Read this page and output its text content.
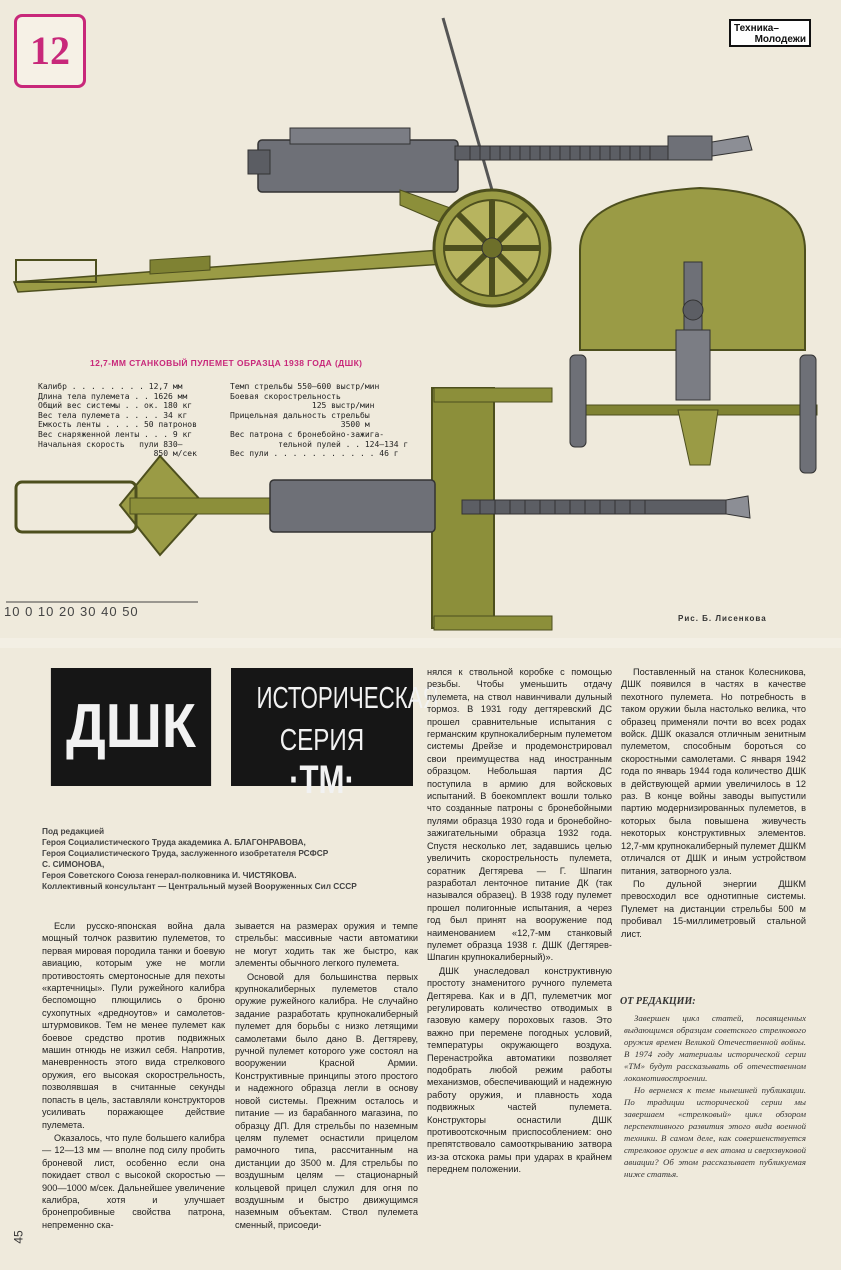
12	Техника–
Молодежи
12,7-ММ СТАНКОВЫЙ ПУЛЕМЕТ ОБРАЗЦА 1938 ГОДА (ДШК)
Калибр . . . . . . . . 12,7 мм
Длина тела пулемета . . 1626 мм
Общий вес системы . . ок. 180 кг
Вес тела пулемета . . . . 34 кг
Емкость ленты . . . . 50 патронов
Вес снаряженной ленты . . . 9 кг
Начальная скорость   пули 830—
850 м/сек
Темп стрельбы 550—600 выстр/мин
Боевая скорострельность
125 выстр/мин
Прицельная дальность стрельбы
3500 м
Вес патрона с бронебойно-зажига-
тельной пулей . . 124—134 г
Вес пули . . . . . . . . . . . 46 г
10 0 10 20 30 40 50	Рис. Б. Лисенкова
ДШК	ИСТОРИЧЕСКАЯ
СЕРИЯ ·ТМ·
Под редакцией
Героя Социалистического Труда академика А. БЛАГОНРАВОВА,
Героя Социалистического Труда, заслуженного изобретателя РСФСР
С. СИМОНОВА,
Героя Советского Союза генерал-полковника И. ЧИСТЯКОВА.
Коллективный консультант — Центральный музей Вооруженных Сил СССР

Если русско-японская война дала мощный толчок развитию пулеметов, то первая мировая породила танки и боевую авиацию, которым уже не могли противостоять смертоносные для пехоты «картечницы». Пули ружейного калибра беспомощно плющились о броню сухопутных «дредноутов» и самолетов-штурмовиков. Тем не менее пулемет как боевое средство против подвижных машин отнюдь не изжил себя. Напротив, маневренность этого вида стрелкового оружия, его высокая скорострельность, позволявшая в считанные секунды попасть в цель, заставляли конструкторов усиливать поражающее действие пулемета.

Оказалось, что пуле большего калибра — 12—13 мм — вполне под силу пробить броневой лист, особенно если она покидает ствол с высокой скоростью — 900—1000 м/сек. Дальнейшее увеличение калибра, хотя и улучшает бронепробивные свойства патрона, непременно ска-

зывается на размерах оружия и темпе стрельбы: массивные части автоматики не могут ходить так же быстро, как элементы обычного легкого пулемета.

Основой для большинства первых крупнокалиберных пулеметов стало оружие ружейного калибра. Не случайно задание разработать крупнокалиберный пулемет для борьбы с низко летящими самолетами было дано В. Дегтяреву, ручной пулемет которого уже состоял на вооружении Красной Армии. Конструктивные принципы этого простого и надежного образца легли в основу новой системы. Прежним осталось и питание — из барабанного магазина, по образцу ДП. Для стрельбы по наземным целям пулемет оснастили прицелом рамочного типа, рассчитанным на дистанции до 3500 м. Для стрельбы по воздушным целям — стационарный кольцевой прицел служил для огня по воздушным и быстро движущимся наземным объектам. Ствол пулемета сменный, присоеди-

нялся к ствольной коробке с помощью резьбы. Чтобы уменьшить отдачу пулемета, на ствол навинчивали дульный тормоз. В 1931 году дегтяревский ДС прошел сравнительные испытания с германским крупнокалиберным пулеметом системы Дрейзе и продемонстрировал свои преимущества над иностранным образцом. Небольшая партия ДС поступила в армию для войсковых испытаний. В боекомплект вошли только что созданные патроны с бронебойными пулями образца 1930 года и бронебойно-зажигательными образца 1932 года. Спустя несколько лет, задавшись целью увеличить скорострельность пулемета, соратник Дегтярева — Г. Шпагин разработал ленточное питание ДК (так назывался образец). В 1938 году пулемет прошел полигонные испытания, а через год был принят на вооружение под наименованием «12,7-мм станковый пулемет образца 1938 г. ДШК (Дегтярев-Шпагин крупнокалиберный)».

ДШК унаследовал конструктивную простоту знаменитого ручного пулемета Дегтярева. Как и в ДП, пулеметчик мог регулировать количество отводимых в газовую камеру пороховых газов. Это важно при перемене погодных условий, температуры окружающего воздуха. Перенастройка автоматики позволяет подобрать любой режим работы механизмов, обеспечивающий и надежную работу оружия, и плавность хода подвижных частей пулемета. Конструкторы оснастили ДШК противоотскочным приспособлением: оно препятствовало самооткрыванию затвора из-за отскока рамы при ударах в крайнем переднем положении.

Поставленный на станок Колесникова, ДШК появился в частях в качестве пехотного пулемета. Но потребность в таком оружии была настолько велика, что образец применяли почти во всех родах войск. ДШК оказался отличным зенитным пулеметом, способным бороться со скоростными самолетами. С января 1942 года по январь 1944 года количество ДШК в действующей армии увеличилось в 12 раз. В конце войны заводы выпустили партию модернизированных пулеметов, в которых была повышена живучесть некоторых конструктивных элементов. 12,7-мм крупнокалиберный пулемет ДШКМ отличался от ДШК и иным устройством питания, затворного узла.

По дульной энергии ДШКМ превосходил все однотипные системы. Пулемет на дистанции стрельбы 500 м пробивал 15-миллиметровый стальной лист.

ОТ РЕДАКЦИИ:

Завершен цикл статей, посвященных выдающимся образцам советского стрелкового оружия времен Великой Отечественной войны. В 1974 году материалы исторической серии «ТМ» будут рассказывать об отечественном локомотивостроении.

Но вернемся к теме нынешней публикации. По традиции исторической серии мы завершаем «стрелковый» цикл обзором перспективного развития этого вида военной техники. В самом деле, как совершенствуется стрелковое оружие в век атома и сверхзвуковой авиации? Об этом рассказывает публикуемая ниже статья.

45
